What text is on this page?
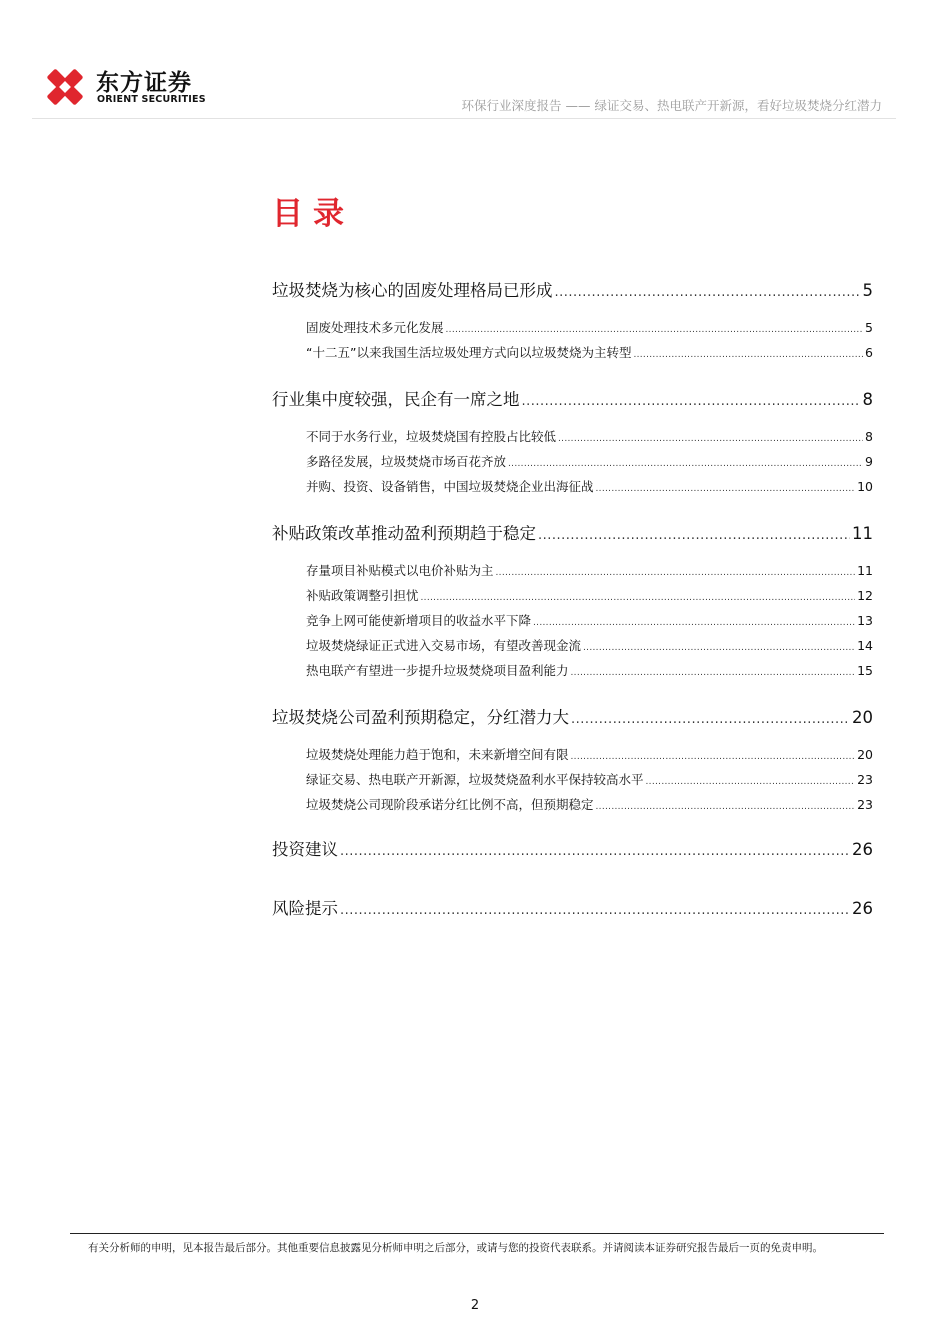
东方证券
ORIENT SECURITIES	环保行业深度报告 —— 绿证交易、热电联产开新源，看好垃圾焚烧分红潜力
目录
垃圾焚烧为核心的固废处理格局已形成 .....	5
固废处理技术多元化发展 .....	5
“十二五”以来我国生活垃圾处理方式向以垃圾焚烧为主转型 .....	6
行业集中度较强，民企有一席之地 .....	8
不同于水务行业，垃圾焚烧国有控股占比较低 .....	8
多路径发展，垃圾焚烧市场百花齐放 .....	9
并购、投资、设备销售，中国垃圾焚烧企业出海征战 .....	10
补贴政策改革推动盈利预期趋于稳定 .....	11
存量项目补贴模式以电价补贴为主 .....	11
补贴政策调整引担忧 .....	12
竞争上网可能使新增项目的收益水平下降 .....	13
垃圾焚烧绿证正式进入交易市场，有望改善现金流 .....	14
热电联产有望进一步提升垃圾焚烧项目盈利能力 .....	15
垃圾焚烧公司盈利预期稳定，分红潜力大 .....	20
垃圾焚烧处理能力趋于饱和，未来新增空间有限 .....	20
绿证交易、热电联产开新源，垃圾焚烧盈利水平保持较高水平 .....	23
垃圾焚烧公司现阶段承诺分红比例不高，但预期稳定 .....	23
投资建议 .....	26
风险提示 .....	26
有关分析师的申明，见本报告最后部分。其他重要信息披露见分析师申明之后部分，或请与您的投资代表联系。并请阅读本证券研究报告最后一页的免责申明。
2
